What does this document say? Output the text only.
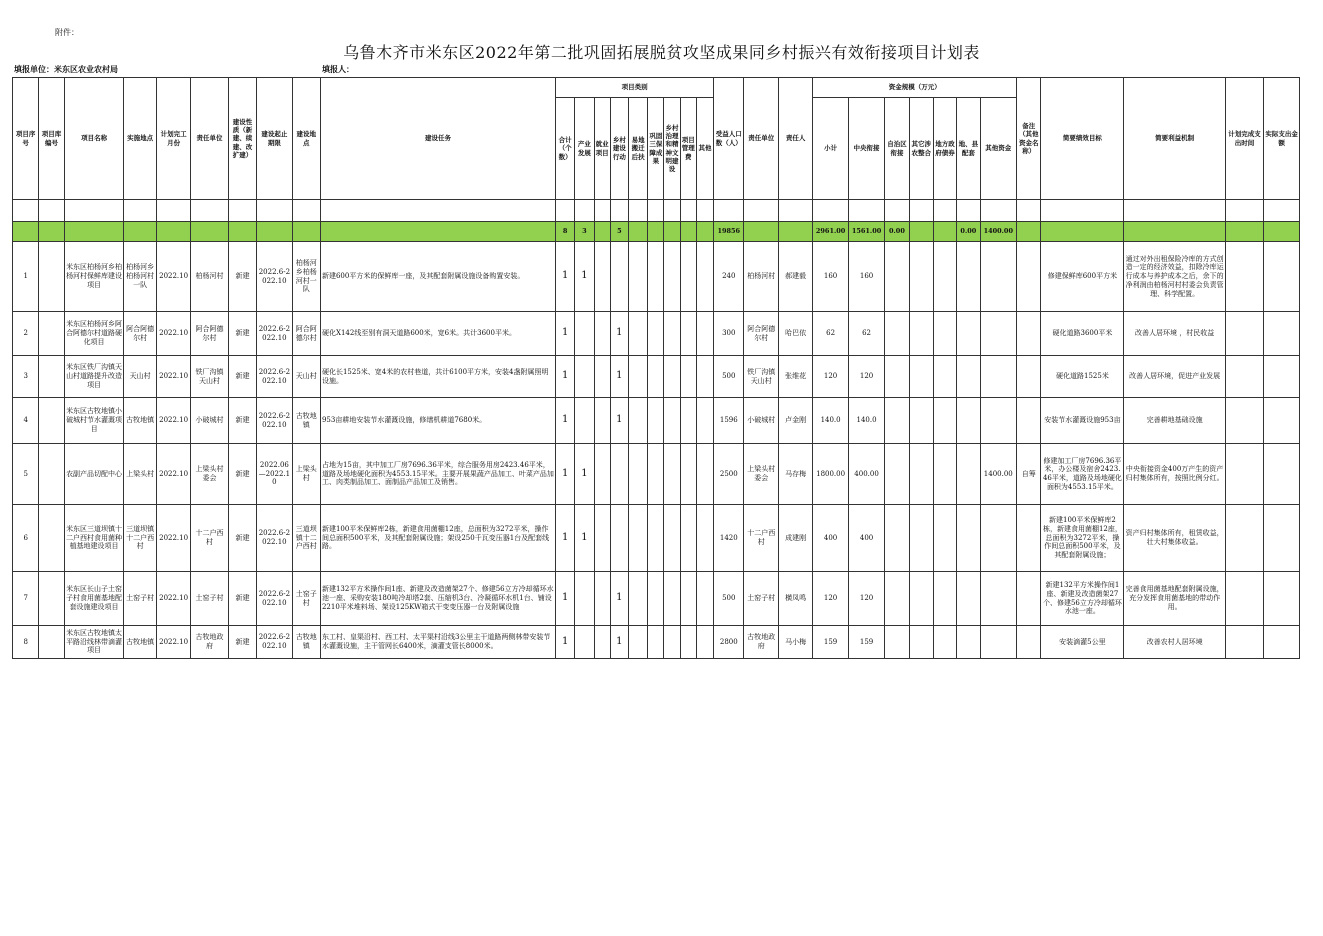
附件：
乌鲁木齐市米东区2022年第二批巩固拓展脱贫攻坚成果同乡村振兴有效衔接项目计划表
填报单位：米东区农业农村局	填报人：
项目序号	项目库编号	项目名称	实施地点	计划完工月份	责任单位	建设性质（新建、续建、改扩建）	建设起止期限	建设地点	建设任务	项目类别									受益人口数（人）	责任单位	责任人	资金规模（万元）							备注（其他资金名称）	简要绩效目标	简要利益机制	计划完成支出时间	实际支出金额
										合计（个数）	产业发展	就业项目	乡村建设行动	易地搬迁后扶	巩固三保障成果	乡村治理和精神文明建设	项目管理费	其他				小计	中央衔接	自治区衔接	其它涉农整合	地方政府债券	地、县配套	其他资金					

										8	3		5						19856			2961.00	1561.00	0.00			0.00	1400.00					
1		米东区柏杨河乡柏杨河村保鲜库建设项目	柏杨河乡柏杨河村一队	2022.10	柏杨河村	新建	2022.6-2022.10	柏杨河乡柏杨河村一队	新建600平方米的保鲜库一座，及其配套附属设施设备购置安装。	1	1								240	柏杨河村	郝建毅	160	160							修建保鲜库600平方米	通过对外出租保险冷库的方式创造一定的经济效益，扣除冷库运行成本与养护成本之后，余下的净利润由柏杨河村村委会负责管理、科学配置。		
2		米东区柏杨河乡阿合阿德尔村道路硬化项目	阿合阿德尔村	2022.10	阿合阿德尔村	新建	2022.6-2022.10	阿合阿德尔村	硬化X142线至别有洞天道路600米，宽6米。共计3600平米。	1			1						300	阿合阿德尔村	哈巴依	62	62							硬化道路3600平米	改善人居环境 ，村民收益		
3		米东区铁厂沟镇天山村道路提升改造项目	天山村	2022.10	铁厂沟镇天山村	新建	2022.6-2022.10	天山村	硬化长1525米、宽4米的农村巷道，共计6100平方米，安装4盏附属照明设施。	1			1						500	铁厂沟镇天山村	张维花	120	120							硬化道路1525米	改善人居环境，促进产业发展		
4		米东区古牧地镇小破城村节水灌溉项目	古牧地镇	2022.10	小破城村	新建	2022.6-2022.10	古牧地镇	953亩耕地安装节水灌溉设施，修缮机耕道7680米。	1			1						1596	小破城村	卢金刚	140.0	140.0							安装节水灌溉设施953亩	完善耕地基础设施		
5		农副产品切配中心	上梁头村	2022.10	上梁头村委会	新建	2022.06—2022.10	上梁头村	占地为15亩，其中加工厂房7696.36平米，综合服务用房2423.46平米，道路及场地硬化面积为4553.15平米。主要开展果蔬产品加工、叶菜产品加工、肉类制品加工、面制品产品加工及销售。	1	1								2500	上梁头村委会	马存梅	1800.00	400.00					1400.00	自筹	修建加工厂房7696.36平米，办公楼及宿舍2423.46平米，道路及场地硬化面积为4553.15平米。	中央衔接资金400万产生的资产归村集体所有，按照比例分红。		
6		米东区三道坝镇十二户西村食用菌种植基地建设项目	三道坝镇十二户西村	2022.10	十二户西村	新建	2022.6-2022.10	三道坝镇十二户西村	新建100平米保鲜库2栋，新建食用菌棚12座，总面积为3272平米，操作间总面积500平米，及其配套附属设施；架设250千瓦变压器1台及配套线路。	1	1								1420	十二户西村	成建刚	400	400							新建100平米保鲜库2栋，新建食用菌棚12座，总面积为3272平米，操作间总面积500平米，及其配套附属设施；	资产归村集体所有，租赁收益，壮大村集体收益。		
7		米东区长山子土窑子村食用菌基地配套设施建设项目	土窑子村	2022.10	土窑子村	新建	2022.6-2022.10	土窑子村	新建132平方米操作间1座、新建及改造菌架27个、修建56立方冷却循环水池一座、采购安装180吨冷却塔2套、压缩机3台、冷凝循环水机1台、铺设2210平米堆料场、架设125KW箱式干变变压器一台及附属设施	1			1						500	土窑子村	横凤鸣	120	120							新建132平方米操作间1座、新建及改造菌架27个、修建56立方冷却循环水池一座。	完善食用菌基地配套附属设施，充分发挥食用菌基地的带动作用。		
8		米东区古牧地镇太平路沿线林带滴灌项目	古牧地镇	2022.10	古牧地政府	新建	2022.6-2022.10	古牧地镇	东工村、皇渠沿村、西工村、太平渠村沿线3公里主干道路两侧林带安装节水灌溉设施，主干管网长6400米，滴灌支管长8000米。	1			1						2800	古牧地政府	马小梅	159	159							安装滴灌5公里	改善农村人居环境		
